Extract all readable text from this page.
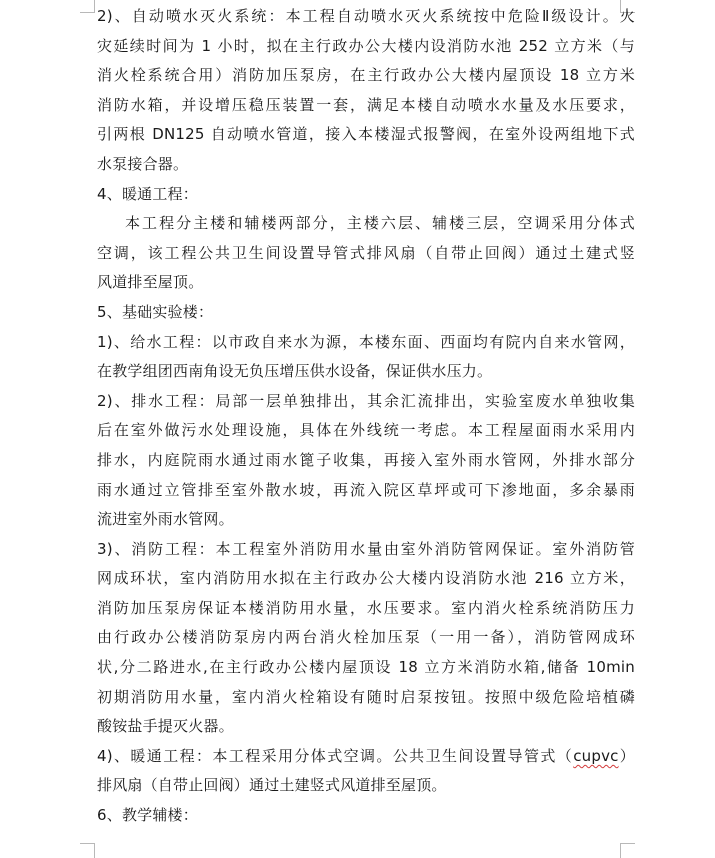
2)、自动喷水灭火系统：本工程自动喷水灭火系统按中危险Ⅱ级设计。火
灾延续时间为 1 小时，拟在主行政办公大楼内设消防水池 252 立方米（与
消火栓系统合用）消防加压泵房，在主行政办公大楼内屋顶设 18 立方米
消防水箱，并设增压稳压装置一套，满足本楼自动喷水水量及水压要求，
引两根 DN125 自动喷水管道，接入本楼湿式报警阀，在室外设两组地下式
水泵接合器。
4、暖通工程：
本工程分主楼和辅楼两部分，主楼六层、辅楼三层，空调采用分体式
空调，该工程公共卫生间设置导管式排风扇（自带止回阀）通过土建式竖
风道排至屋顶。
5、基础实验楼：
1)、给水工程：以市政自来水为源，本楼东面、西面均有院内自来水管网，
在教学组团西南角设无负压增压供水设备，保证供水压力。
2)、排水工程：局部一层单独排出，其余汇流排出，实验室废水单独收集
后在室外做污水处理设施，具体在外线统一考虑。本工程屋面雨水采用内
排水，内庭院雨水通过雨水篦子收集，再接入室外雨水管网，外排水部分
雨水通过立管排至室外散水坡，再流入院区草坪或可下渗地面，多余暴雨
流进室外雨水管网。
3)、消防工程：本工程室外消防用水量由室外消防管网保证。室外消防管
网成环状，室内消防用水拟在主行政办公大楼内设消防水池 216 立方米，
消防加压泵房保证本楼消防用水量，水压要求。室内消火栓系统消防压力
由行政办公楼消防泵房内两台消火栓加压泵（一用一备），消防管网成环
状,分二路进水,在主行政办公楼内屋顶设 18 立方米消防水箱,储备 10min
初期消防用水量，室内消火栓箱设有随时启泵按钮。按照中级危险培植磷
酸铵盐手提灭火器。
4)、暖通工程：本工程采用分体式空调。公共卫生间设置导管式（cupvc）
排风扇（自带止回阀）通过土建竖式风道排至屋顶。
6、教学辅楼：
